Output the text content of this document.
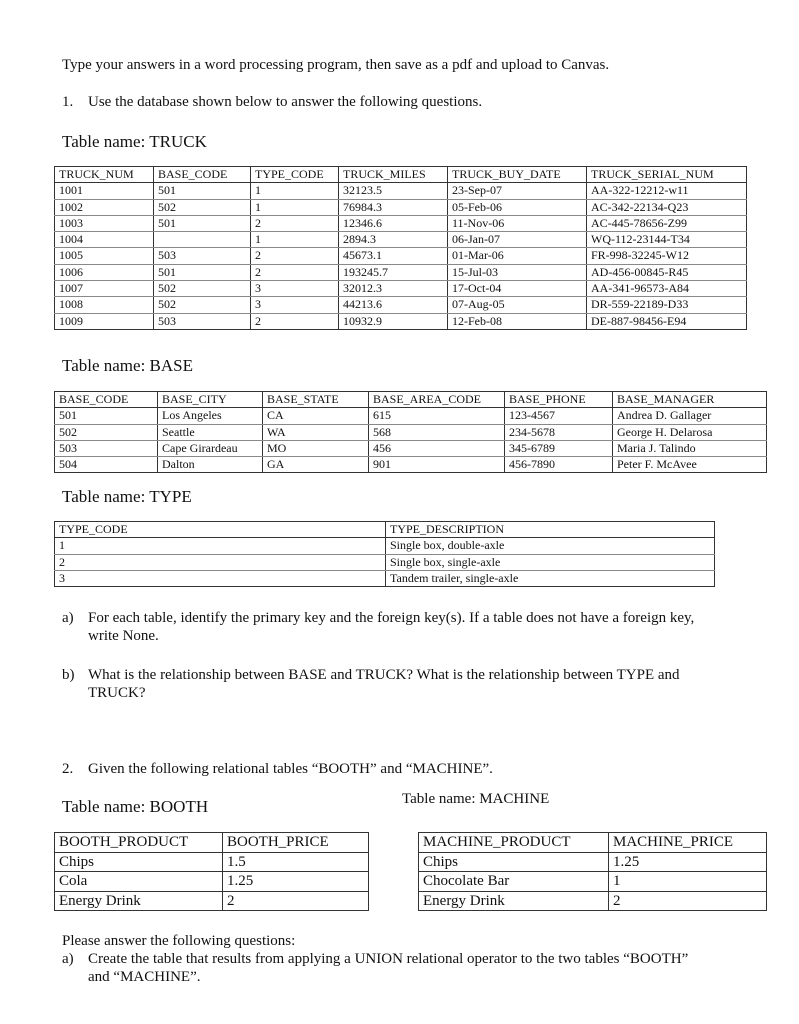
Type your answers in a word processing program, then save as a pdf and upload to Canvas.
1. Use the database shown below to answer the following questions.
Table name: TRUCK
TRUCK_NUM	BASE_CODE	TYPE_CODE	TRUCK_MILES	TRUCK_BUY_DATE	TRUCK_SERIAL_NUM
1001	501	1	32123.5	23-Sep-07	AA-322-12212-w11
1002	502	1	76984.3	05-Feb-06	AC-342-22134-Q23
1003	501	2	12346.6	11-Nov-06	AC-445-78656-Z99
1004		1	2894.3	06-Jan-07	WQ-112-23144-T34
1005	503	2	45673.1	01-Mar-06	FR-998-32245-W12
1006	501	2	193245.7	15-Jul-03	AD-456-00845-R45
1007	502	3	32012.3	17-Oct-04	AA-341-96573-A84
1008	502	3	44213.6	07-Aug-05	DR-559-22189-D33
1009	503	2	10932.9	12-Feb-08	DE-887-98456-E94
Table name: BASE
BASE_CODE	BASE_CITY	BASE_STATE	BASE_AREA_CODE	BASE_PHONE	BASE_MANAGER
501	Los Angeles	CA	615	123-4567	Andrea D. Gallager
502	Seattle	WA	568	234-5678	George H. Delarosa
503	Cape Girardeau	MO	456	345-6789	Maria J. Talindo
504	Dalton	GA	901	456-7890	Peter F. McAvee
Table name: TYPE
TYPE_CODE	TYPE_DESCRIPTION
1	Single box, double-axle
2	Single box, single-axle
3	Tandem trailer, single-axle
a) For each table, identify the primary key and the foreign key(s). If a table does not have a foreign key,
write None.
b) What is the relationship between BASE and TRUCK? What is the relationship between TYPE and
TRUCK?
2. Given the following relational tables “BOOTH” and “MACHINE”.
Table name: BOOTH	Table name: MACHINE
BOOTH_PRODUCT	BOOTH_PRICE
Chips	1.5
Cola	1.25
Energy Drink	2
MACHINE_PRODUCT	MACHINE_PRICE
Chips	1.25
Chocolate Bar	1
Energy Drink	2
Please answer the following questions:
a) Create the table that results from applying a UNION relational operator to the two tables “BOOTH”
and “MACHINE”.
